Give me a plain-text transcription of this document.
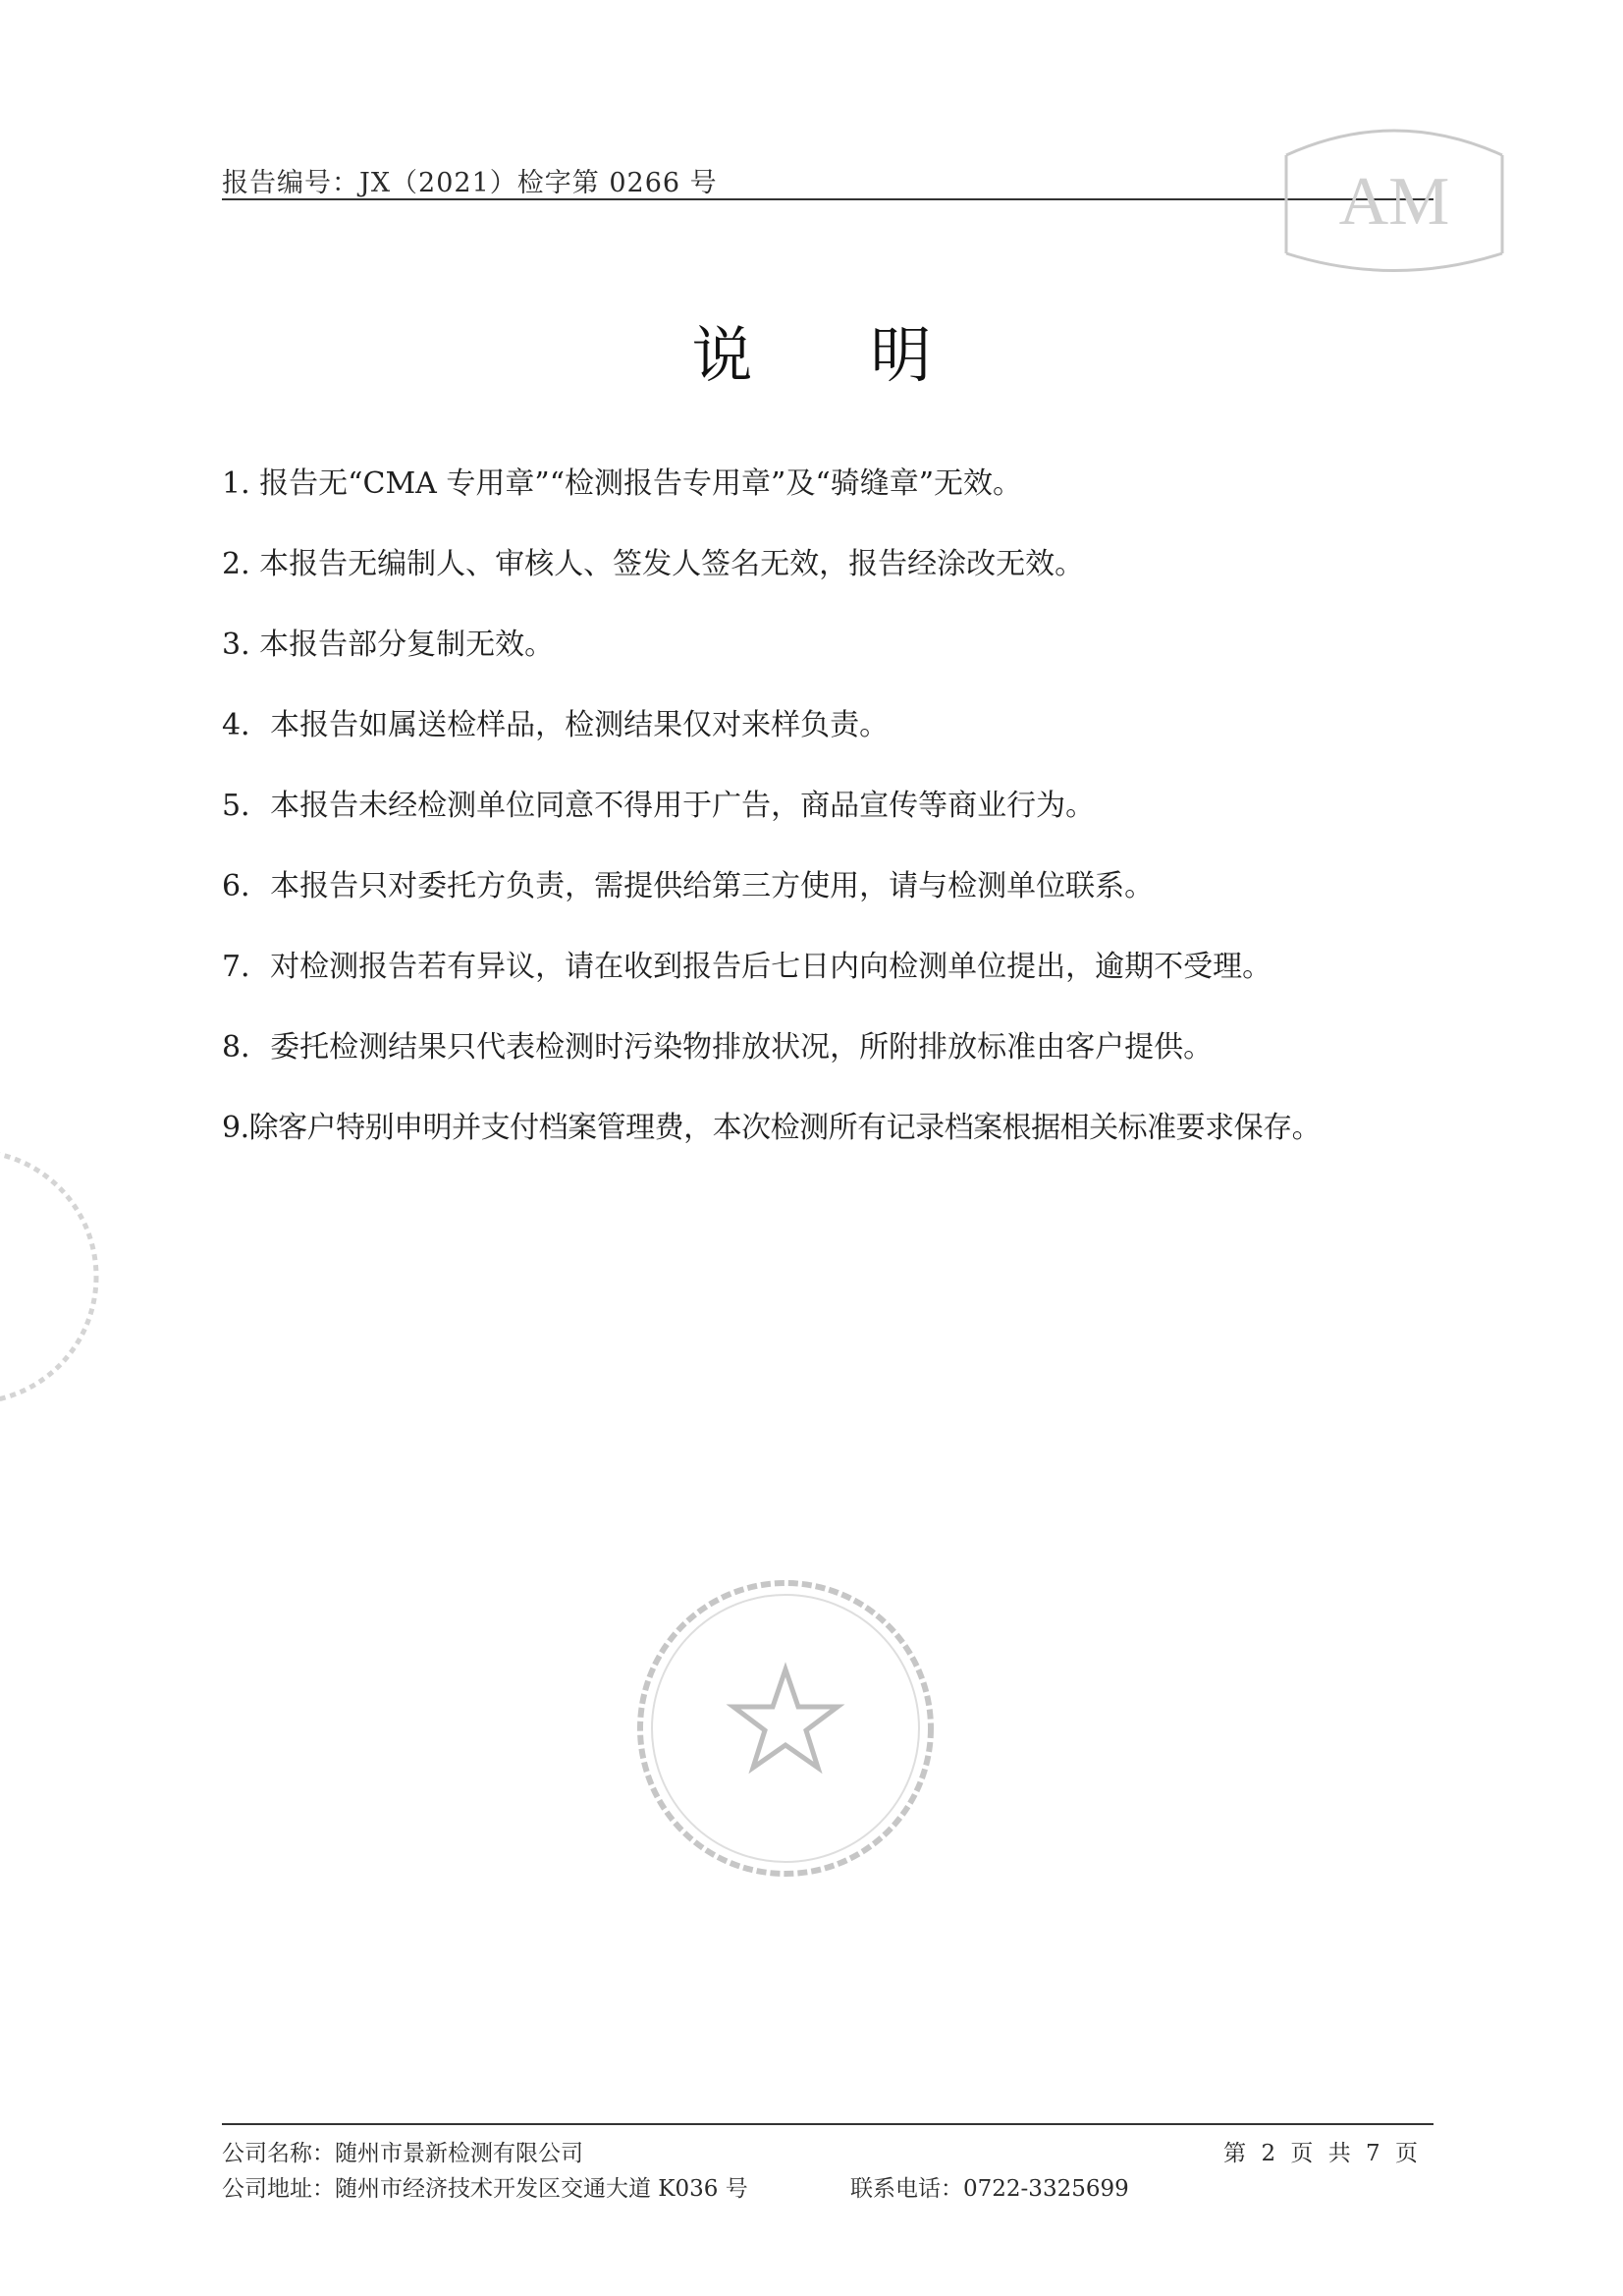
报告编号：JX（2021）检字第 0266 号	AM
说明
1. 报告无“CMA 专用章”“检测报告专用章”及“骑缝章”无效。
2. 本报告无编制人、审核人、签发人签名无效，报告经涂改无效。
3. 本报告部分复制无效。
4．本报告如属送检样品，检测结果仅对来样负责。
5．本报告未经检测单位同意不得用于广告，商品宣传等商业行为。
6．本报告只对委托方负责，需提供给第三方使用，请与检测单位联系。
7．对检测报告若有异议，请在收到报告后七日内向检测单位提出，逾期不受理。
8．委托检测结果只代表检测时污染物排放状况，所附排放标准由客户提供。
9.除客户特别申明并支付档案管理费，本次检测所有记录档案根据相关标准要求保存。
公司名称：随州市景新检测有限公司	第 2 页 共 7 页
公司地址：随州市经济技术开发区交通大道 K036 号	联系电话：0722-3325699
